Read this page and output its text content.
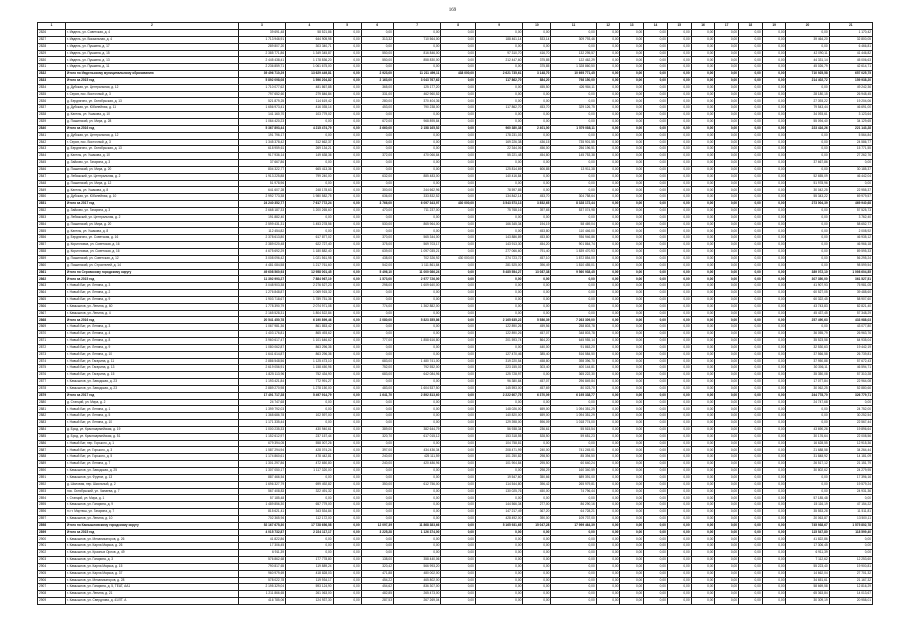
169
1	2	3	4	5	6	7	8	9	10	11	12	13	14	15	16	17	18	19	20	21
2826	г. Ивдель, ул. Советская, д. 4	39 691,48	58 521,86	0,00	0,00	0,00	0,00	0,00	0,00	0,00	0,00	0,00	0,00	0,00	0,00	0,00	0,00	0,00	0,00	1 170,42
2827	г. Ивдель, ул. Вокзальная, д. 4	1 713 946,91	644 905,98	0,00	313,32	710 564,00	0,00	188 461,14	533,14	309 793,46	0,00	0,00	0,00	0,00	0,00	0,00	0,00	0,00	39 464,20	32 800,05
2828	г. Ивдель, ул. Пушкина, д. 17	289 807,20	303 340,71	0,00	0,00	0,00	0,00	0,00	0,00	0,00	0,00	0,00	0,00	0,00	0,00	0,00	0,00	0,00	0,00	6 466,81
2829	г. Ивдель, ул. Пушкина, д. 15	2 385 771,86	1 349 345,87	0,00	550,00	816 846,00	0,00	97 310,70	416,70	132 295,57	0,00	0,00	0,00	0,00	0,00	0,00	0,00	0,00	42 090,11	41 446,82
2830	г. Ивдель, ул. Пушкина, д. 13	2 445 438,41	1 178 836,20	0,00	550,00	858 830,00	0,00	212 447,60	375,85	122 462,29	0,00	0,00	0,00	0,00	0,00	0,00	0,00	0,00	44 331,14	45 006,63
2831	г. Ивдель, ул. Пушкина, д. 11	2 236 859,71	1 061 675,00	0,00	0,00	0,00	0,00	0,00	375,85	1 328 860,50	0,00	0,00	0,00	0,00	0,00	0,00	0,00	0,00	45 026,79	42 614,71
2832	Итого по Ивдельскому муниципальному образованию	39 496 710,29	13 629 449,81	0,00	2 923,00	11 211 499,11	438 000,00	2 621 735,61	3 148,70	10 695 771,45	0,00	0,00	0,00	0,00	0,00	0,00	0,00	0,00	710 925,58	657 025,75
2833	Итого за 2015 год	5 892 098,08	1 596 204,82	0,00	2 163,00	3 043 767,62	0,00	117 862,70	884,20	798 150,00	0,00	0,00	0,00	0,00	0,00	0,00	0,00	0,00	214 402,72	159 938,20
2834	д. Дубская, ул. Центральная, д. 12	1 710 077,62	481 867,88	0,00	365,00	125 177,20	0,00	0,00	455,50	426 984,11	0,00	0,00	0,00	0,00	0,00	0,00	0,00	0,00	0,00	49 242,36
2835	г. Серов, пос. Восточный, д. 3	797 652,60	279 846,84	0,00	331,00	462 960,52	0,00	0,00	0,00	0,00	0,00	0,00	0,00	0,00	0,00	0,00	0,00	0,00	28 180,15	26 948,45
2836	д. Бердюгино, ул. Октябрьская, д. 13	521 879,25	114 619,42	0,00	280,00	370 404,36	0,00	0,00	0,00	0,00	0,00	0,00	0,00	0,00	0,00	0,00	0,00	0,00	27 393,22	19 204,06
2837	д. Дубская, ул. Юбилейная, д. 11	1 656 973,41	416 035,14	0,00	453,00	790 238,00	0,00	117 862,70	453,70	329 126,75	0,00	0,00	0,00	0,00	0,00	0,00	0,00	0,00	79 543,44	46 691,00
2838	д. Кагелы, ул. Ушакова, д. 10	141 160,70	103 779,02	0,00	0,00	0,00	0,00	0,00	0,00	0,00	0,00	0,00	0,00	0,00	0,00	0,00	0,00	0,00	34 093,61	3 123,64
2839	д. Пашинский, ул. Мира, д. 28	1 064 420,23	0,00	0,00	672,00	968 895,84	0,00	0,00	0,00	0,00	0,00	0,00	0,00	0,00	0,00	0,00	0,00	0,00	55 094,40	34 129,65
2840	Итого за 2016 год	5 367 893,44	4 215 474,79	0,00	3 660,00	2 158 165,52	0,00	960 380,38	2 401,00	1 579 088,11	0,00	0,00	0,00	0,00	0,00	0,00	0,00	0,00	223 416,26	221 143,28
2841	д. Дубская, ул. Центральная, д. 12	191 796,17	0,00	0,00	0,00	0,00	0,00	178 231,03	0,00	0,00	0,00	0,00	0,00	0,00	0,00	0,00	0,00	0,00	0,00	5 564,84
2842	г. Серов, пос. Восточный, д. 3	1 345 378,42	312 662,37	0,00	0,00	0,00	0,00	169 226,38	436,15	735 901,55	0,00	0,00	0,00	0,00	0,00	0,00	0,00	0,00	0,00	24 586,77
2843	д. Бердюгино, ул. Октябрьская, д. 13	618 959,61	269 134,21	0,00	0,00	0,00	0,00	22 344,06	456,00	256 196,51	0,00	0,00	0,00	0,00	0,00	0,00	0,00	0,00	0,00	15 771,55
2844	д. Кагелы, ул. Ушакова, д. 10	917 936,14	149 638,36	0,00	372,00	470 066,84	0,00	55 221,48	454,80	145 753,38	0,00	0,00	0,00	0,00	0,00	0,00	0,00	0,00	0,00	27 262,76
2845	д. Зайково, ул. Гагарина, д. 3	37 667,86	0,00	0,00	0,00	0,00	0,00	0,00	0,00	0,00	0,00	0,00	0,00	0,00	0,00	0,00	0,00	0,00	37 667,86	0,00
2846	д. Пашинский, ул. Мира, д. 20	804 322,77	665 413,36	0,00	0,00	0,00	0,00	125 814,69	606,85	13 911,38	0,00	0,00	0,00	0,00	0,00	0,00	0,00	0,00	0,00	30 185,37
2847	д. Лебяжский, ул. Центральная, д. 2	1 913 225,88	799 240,00	0,00	632,00	885 483,00	0,00	140 416,84	0,00	0,00	0,00	0,00	0,00	0,00	0,00	0,00	0,00	0,00	52 655,09	46 442,04
2848	д. Пашинский, ул. Мира, д. 12	51 978,96	0,00	0,00	0,00	0,00	0,00	0,00	0,00	0,00	0,00	0,00	0,00	0,00	0,00	0,00	0,00	0,00	51 978,96	0,00
2849	д. Кагелы, ул. Ушакова, д. 8	641 607,28	248 178,63	0,00	300,00	244 662,96	0,00	78 597,85	0,00	0,00	0,00	0,00	0,00	0,00	0,00	0,00	0,00	0,00	30 042,25	22 955,37
2850	д. Дубская, ул. Юбилейная, д. 10	2 992 773,38	1 980 582,75	0,00	636,00	333 832,52	0,00	134 842,14	453,70	304 758,64	0,00	0,00	0,00	0,00	0,00	0,00	0,00	0,00	55 343,22	69 979,57
2851	Итого за 2017 год	24 240 352,77	7 617 772,24	0,00	3 766,00	6 097 343,97	430 000,00	3 543 573,13	3 852,65	8 328 172,44	0,00	0,00	0,00	0,00	0,00	0,00	0,00	0,00	273 004,39	469 940,68
2852	д. Зайково, ул. Гагарина, д. 3	2 668 187,33	1 200 265,60	0,00	470,00	711 237,00	0,00	75 768,16	397,65	537 074,98	0,00	0,00	0,00	0,00	0,00	0,00	0,00	0,00	0,00	57 525,73
2853	д. Лебяжский, ул. Центральная, д. 2	191 882,40	0,00	0,00	0,00	0,00	0,00	0,00	0,00	0,00	0,00	0,00	0,00	0,00	0,00	0,00	0,00	0,00	0,00	3 762,40
2854	д. Пашинский, ул. Мира, д. 20	2 599 431,31	1 453 278,56	0,00	530,00	865 964,00	0,00	166 345,34	194,19	58 469,04	0,00	0,00	0,00	0,00	0,00	0,00	0,00	0,00	0,00	58 652,77
2855	д. Кагелы, ул. Ушакова, д. 8	112 454,82	0,00	0,00	0,00	0,00	0,00	0,00	453,80	110 446,00	0,00	0,00	0,00	0,00	0,00	0,00	0,00	0,00	0,00	2 008,92
2856	д. Бердюгино, ул. Советская, д. 16	2 378 613,80	617 877,02	0,00	370,00	565 344,00	0,00	143 886,89	453,80	936 946,86	0,00	0,00	0,00	0,00	0,00	0,00	0,00	0,00	0,00	46 935,12
2857	д. Кирилловка, ул. Советская, д. 16	2 389 020,48	622 727,40	0,00	375,00	569 703,17	0,00	143 913,30	454,20	901 864,74	0,00	0,00	0,00	0,00	0,00	0,00	0,00	0,00	0,00	46 966,18
2858	д. Кирилловка, ул. Советская, д. 16	4 675 692,29	1 180 882,40	0,00	639,00	1 097 035,21	0,00	277 066,60	791,40	1 839 470,93	0,00	0,00	0,00	0,00	0,00	0,00	0,00	0,00	0,00	89 595,33
2859	д. Пашинский, ул. Советская, д. 12	3 008 096,42	1 021 561,98	0,00	438,00	702 326,92	430 000,00	274 723,72	457,10	1 872 854,00	0,00	0,00	0,00	0,00	0,00	0,00	0,00	0,00	0,00	56 295,24
2860	д. Пашинский, ул. Строителей, д. 14	4 481 084,58	1 217 761,60	0,00	542,00	1 111 861,84	0,00	281 525,00	396,49	1 810 455,01	0,00	0,00	0,00	0,00	0,00	0,00	0,00	0,00	0,00	98 599,54
2861	Итого по Серовскому городскому округу	49 608 560,93	12 958 001,45	0,00	5 496,10	11 000 086,24	0,00	5 485 554,27	13 087,38	9 560 938,45	0,00	0,00	0,00	0,00	0,00	0,00	0,00	0,00	389 072,10	1 098 604,85
2862	Итого за 2015 год	11 392 993,27	7 884 967,19	0,00	1 573,00	2 977 726,00	0,00	0,00	0,00	0,00	0,00	0,00	0,00	0,00	0,00	0,00	0,00	0,00	307 350,00	361 527,51
2863	г. Новый Бат, ул. Ленина, д. 3	3 048 903,38	2 276 527,23	0,00	298,00	1 609 640,00	0,00	0,00	0,00	0,00	0,00	0,00	0,00	0,00	0,00	0,00	0,00	0,00	41 907,93	75 981,05
2864	г. Новый Бат, ул. Ленина, д. 2	1 276 848,87	1 069 915,32	0,00	0,00	0,00	0,00	0,00	0,00	0,00	0,00	0,00	0,00	0,00	0,00	0,00	0,00	0,00	60 527,05	39 488,60
2865	г. Новый Бат, ул. Ленина, д. 9	1 903 718,67	1 789 751,36	0,00	0,00	0,00	0,00	0,00	0,00	0,00	0,00	0,00	0,00	0,00	0,00	0,00	0,00	0,00	60 322,45	58 907,60
2866	г. Камышлов, ул. Ленина, д. 60	1 778 390,79	2 074 971,08	0,00	774,00	1 362 882,00	0,00	0,00	0,00	0,00	0,00	0,00	0,00	0,00	0,00	0,00	0,00	0,00	43 743,83	82 821,40
2867	г. Камышлов, ул. Ленина, д. 4	2 165 528,31	1 804 522,84	0,00	0,00	0,00	0,00	0,00	0,00	0,00	0,00	0,00	0,00	0,00	0,00	0,00	0,00	0,00	45 437,45	57 348,29
2868	Итого за 2016 год	20 541 450,78	6 190 899,46	0,00	2 080,00	5 823 355,86	0,00	2 165 635,22	5 586,39	7 263 309,00	0,00	0,00	0,00	0,00	0,00	0,00	0,00	0,00	257 490,63	433 988,03
2869	г. Новый Бат, ул. Ленина, д. 3	1 067 981,36	861 853,42	0,00	0,00	0,00	0,00	122 890,26	459,56	258 803,78	0,00	0,00	0,00	0,00	0,00	0,00	0,00	0,00	0,00	43 077,80
2870	г. Новый Бат, ул. Ленина, д. 4	1 403 176,81	865 493,62	0,00	0,00	0,00	0,00	122 890,26	457,07	348 803,78	0,00	0,00	0,00	0,00	0,00	0,00	0,00	0,00	36 055,79	26 963,76
2871	г. Новый Бат, ул. Ленина, д. 8	3 960 617,47	1 101 646,62	0,00	777,00	1 858 616,80	0,00	201 593,74	864,20	645 955,14	0,00	0,00	0,00	0,00	0,00	0,00	0,00	0,00	35 523,58	64 935,04
2872	г. Новый Бат, ул. Ленина, д. 9	1 080 062,87	863 296,36	0,00	0,00	0,00	0,00	0,00	440,00	91 863,20	0,00	0,00	0,00	0,00	0,00	0,00	0,00	0,00	32 530,63	19 442,19
2873	г. Новый Бат, ул. Ленина, д. 10	1 641 614,87	863 296,36	0,00	0,00	0,00	0,00	127 470,46	385,40	516 584,50	0,00	0,00	0,00	0,00	0,00	0,00	0,00	0,00	37 566,58	26 739,81
2874	г. Новый Бат, ул. Гагарина, д. 11	2 886 548,56	1 125 473,10	0,00	683,00	1 480 741,00	0,00	319 220,54	458,80	398 396,70	0,00	0,00	0,00	0,00	0,00	0,00	0,00	0,00	37 950,88	57 672,43
2875	г. Новый Бат, ул. Гагарина, д. 13	2 619 056,91	1 158 450,96	0,00	752,00	792 552,00	0,00	223 155,02	303,40	400 144,81	0,00	0,00	0,00	0,00	0,00	0,00	0,00	0,00	30 306,11	46 594,71
2876	г. Новый Бат, ул. Гагарина, д. 15	1 825 113,96	752 434,90	0,00	683,00	642 084,96	0,00	125 728,97	0,00	365 222,30	0,00	0,00	0,00	0,00	0,00	0,00	0,00	0,00	35 350,08	57 310,28
2877	г. Камышлов, ул. Заводская, д. 23	1 193 421,84	772 991,27	0,00	0,00	0,00	0,00	96 380,84	457,07	296 849,84	0,00	0,00	0,00	0,00	0,00	0,00	0,00	0,00	17 077,84	22 964,08
2878	г. Камышлов, ул. Заводская, д. 23	2 889 270,98	1 278 150,00	0,00	483,00	1 604 537,50	0,00	145 593,00	457,69	80 023,70	0,00	0,00	0,00	0,00	0,00	0,00	0,00	0,00	30 062,25	52 880,66
2879	Итого за 2017 год	17 491 717,28	5 497 914,79	0,00	1 641,70	2 892 813,60	0,00	2 222 607,75	6 370,09	6 195 338,77	0,00	0,00	0,00	0,00	0,00	0,00	0,00	0,00	244 778,70	326 779,71
2880	д. Станций, ул. Мира, д. 2	24 747,68	0,00	0,00	0,00	0,00	0,00	0,00	0,00	0,00	0,00	0,00	0,00	0,00	0,00	0,00	0,00	0,00	24 747,68	0,00
2881	г. Новый Бат, ул. Ленина, д. 1	1 399 792,03	0,00	0,00	0,00	0,00	0,00	148 026,00	659,00	1 094 351,29	0,00	0,00	0,00	0,00	0,00	0,00	0,00	0,00	0,00	24 752,00
2882	г. Новый Бат, ул. Ленина, д. 5	1 368 686,78	102 597,00	0,00	0,00	0,00	0,00	140 820,00	659,00	1 094 351,29	0,00	0,00	0,00	0,00	0,00	0,00	0,00	0,00	0,00	30 252,54
2883	г. Новый Бат, ул. Ленина, д. 10	1 171 335,44	0,00	0,00	0,00	0,00	0,00	129 398,00	596,09	1 018 774,00	0,00	0,00	0,00	0,00	0,00	0,00	0,00	0,00	0,00	22 567,44
2884	д. Брод, ул. Красноармейская, д. 19	1 000 235,33	430 940,61	0,00	389,00	382 644,79	0,00	56 938,34	236,61	55 515,54	0,00	0,00	0,00	0,00	0,00	0,00	0,00	0,00	43 690,26	19 896,64
2885	д. Брод, ул. Красноармейская, д. 51	1 152 612,97	237 157,44	0,00	320,70	617 015,12	0,00	153 318,55	528,50	59 651,23	0,00	0,00	0,00	0,00	0,00	0,00	0,00	0,00	30 176,64	22 008,56
2886	г. Новый Бат, пер. Горького, д. 1	679 394,05	558 007,26	0,00	0,00	0,00	0,00	104 758,81	0,00	0,00	0,00	0,00	0,00	0,00	0,00	0,00	0,00	0,00	16 628,55	12 915,36
2887	г. Новый Бат, ул. Горького, д. 3	1 587 294,94	428 074,24	0,00	397,00	434 436,34	0,00	208 471,99	240,00	741 245,01	0,00	0,00	0,00	0,00	0,00	0,00	0,00	0,00	21 688,58	34 264,44
2888	г. Новый Бат, ул. Горького, д. 5	1 174 860,61	478 442,81	0,00	240,00	425 111,59	0,00	101 250,82	298,50	85 394,50	0,00	0,00	0,00	0,00	0,00	0,00	0,00	0,00	31 848,92	14 181,09
2889	г. Новый Бат, ул. Ленина, д. 7	1 301 297,86	472 650,80	0,00	240,00	420 486,96	0,00	101 904,84	295,50	60 640,24	0,00	0,00	0,00	0,00	0,00	0,00	0,00	0,00	26 517,12	21 151,79
2890	г. Камышлов, ул. Заводская, д. 25	1 307 050,17	1 117 320,00	0,00	0,00	0,00	0,00	0,00	298,29	160 340,59	0,00	0,00	0,00	0,00	0,00	0,00	0,00	0,00	30 802,62	24 279,95
2891	г. Камышлов, ул. Фрунзе, д. 13	887 466,54	0,00	0,00	0,00	0,00	0,00	19 547,60	350,66	689 391,00	0,00	0,00	0,00	0,00	0,00	0,00	0,00	0,00	0,00	17 396,16
2892	д. Шиловая, пер. Школьный, д. 2	1 696 327,79	699 492,82	0,00	350,00	612 756,00	0,00	114 544,80	396,42	265 979,81	0,00	0,00	0,00	0,00	0,00	0,00	0,00	0,00	0,00	19 579,24
2893	пос. Октябрьский, ул. Чапаева, д. 7	567 408,83	322 491,32	0,00	0,00	0,00	0,00	130 025,76	450,00	74 796,44	0,00	0,00	0,00	0,00	0,00	0,00	0,00	0,00	0,00	24 931,36
2894	г. Станций, ул. Мира, д. 1	57 185,48	0,00	0,00	0,00	0,00	0,00	0,00	0,00	0,00	0,00	0,00	0,00	0,00	0,00	0,00	0,00	0,00	57 185,48	0,00
2895	г. Камышлов, ул. Гагарина, д. 9	1 489 856,30	657 779,00	0,00	0,00	0,00	0,00	144 566,34	277,00	86 290,16	0,00	0,00	0,00	0,00	0,00	0,00	0,00	0,00	15 116,19	47 154,22
2896	п.г.т. Мартюш, ул. Гагарина, д. 7	815 621,41	343 534,84	0,00	0,00	0,00	0,00	147 217,49	367,20	64 728,21	0,00	0,00	0,00	0,00	0,00	0,00	0,00	0,00	35 553,28	11 511,81
2897	г. Камышлов, ул. Ленина, д. 10	702 365,94	112 172,00	0,00	0,00	0,00	0,00	428 492,00	390,00	109 737,00	0,00	0,00	0,00	0,00	0,00	0,00	0,00	0,00	20 063,87	13 500,11
2898	Итого по Камышловскому городскому округу	52 167 675,30	17 728 656,58	0,00	12 097,39	11 868 383,66	0,00	5 165 931,65	15 047,28	17 999 464,39	0,00	0,00	0,00	0,00	0,00	0,00	0,00	0,00	745 938,67	1 575 802,78
2899	Итого за 2015 год	4 015 732,87	2 224 117,17	0,00	3 225,28	1 126 374,00	0,00	0,00	0,00	0,00	0,00	0,00	0,00	0,00	0,00	0,00	0,00	0,00	115 547,80	118 599,40
2900	г. Камышлов, ул. Механизаторов, д. 26	41 822,86	0,00	0,00	0,00	0,00	0,00	0,00	0,00	0,00	0,00	0,00	0,00	0,00	0,00	0,00	0,00	0,00	41 822,86	0,00
2901	г. Камышлов, ул. Карла Маркса, д. 26	17 306,45	0,00	0,00	0,00	0,00	0,00	0,00	0,00	0,00	0,00	0,00	0,00	0,00	0,00	0,00	0,00	0,00	17 306,45	0,00
2902	г. Камышлов, ул. Красных Орлов, д. 49	6 911,39	0,00	0,00	0,00	0,00	0,00	0,00	0,00	0,00	0,00	0,00	0,00	0,00	0,00	0,00	0,00	0,00	6 911,39	0,00
2903	г. Камышлов, ул. Гагарина, д. 3	576 862,68	177 778,80	0,00	138,00	358 440,06	0,00	0,00	0,00	0,00	0,00	0,00	0,00	0,00	0,00	0,00	0,00	0,00	7 112,62	12 253,60
2904	г. Камышлов, ул. Карла Маркса, д. 15	790 817,65	119 889,24	0,00	320,42	566 993,20	0,00	0,00	0,00	0,00	0,00	0,00	0,00	0,00	0,00	0,00	0,00	0,00	55 223,40	19 900,81
2905	г. Камышлов, ул. Карла Маркса, д. 37	960 979,69	418 828,03	0,00	471,88	480 002,00	0,00	0,00	0,00	0,00	0,00	0,00	0,00	0,00	0,00	0,00	0,00	0,00	14 662,04	27 701,32
2906	г. Камышлов, ул. Механизаторов, д. 28	578 022,78	119 934,17	0,00	454,22	465 802,00	0,00	0,00	0,00	0,00	0,00	0,00	0,00	0,00	0,00	0,00	0,00	0,00	34 651,61	21 167,32
2907	г. Камышлов, ул. Гагарина, д. 5, ТЕАТ, АА1	2 195 329,04	593 124,90	0,00	454,62	836 307,00	0,00	0,00	0,00	0,00	0,00	0,00	0,00	0,00	0,00	0,00	0,00	0,00	58 669,58	12 816,29
2908	г. Камышлов, ул. Ленина, д. 21	1 211 866,65	261 063,00	0,00	482,85	265 473,00	0,00	0,00	0,00	0,00	0,00	0,00	0,00	0,00	0,00	0,00	0,00	0,00	65 363,84	14 013,67
2909	г. Камышлов, ул. Свердлова, д. 41/ЛТ. А	416 785,06	124 937,30	0,00	287,53	267 269,04	0,00	0,00	0,00	0,00	0,00	0,00	0,00	0,00	0,00	0,00	0,00	0,00	30 309,19	20 958,01
